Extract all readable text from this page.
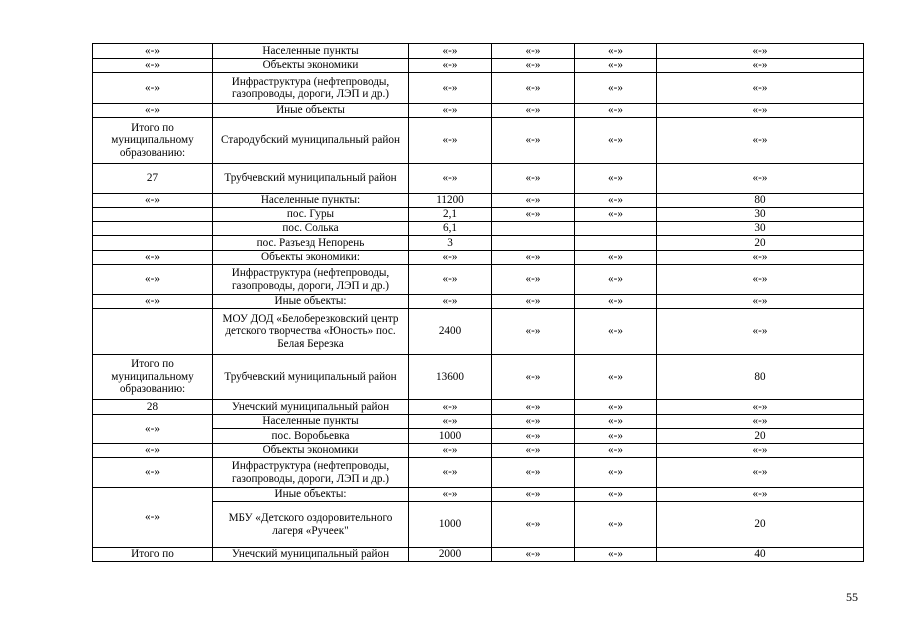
«-»	Населенные пункты	«-»	«-»	«-»	«-»
«-»	Объекты экономики	«-»	«-»	«-»	«-»
«-»	Инфраструктура (нефтепроводы, газопроводы, дороги, ЛЭП и др.)	«-»	«-»	«-»	«-»
«-»	Иные объекты	«-»	«-»	«-»	«-»
Итого по муниципальному образованию:	Стародубский муниципальный район	«-»	«-»	«-»	«-»
27	Трубчевский муниципальный район	«-»	«-»	«-»	«-»
«-»	Населенные пункты:	11200	«-»	«-»	80
	пос. Гуры	2,1	«-»	«-»	30
	пос. Солька	6,1			30
	пос. Разъезд Непорень	3			20
«-»	Объекты экономики:	«-»	«-»	«-»	«-»
«-»	Инфраструктура (нефтепроводы, газопроводы, дороги, ЛЭП и др.)	«-»	«-»	«-»	«-»
«-»	Иные объекты:	«-»	«-»	«-»	«-»
	МОУ ДОД «Белоберезковский центр детского творчества «Юность» пос. Белая Берeзка	2400	«-»	«-»	«-»
Итого по муниципальному образованию:	Трубчевский муниципальный район	13600	«-»	«-»	80
28	Унечский муниципальный район	«-»	«-»	«-»	«-»
«-»	Населенные пункты	«-»	«-»	«-»	«-»
	пос. Воробьевка	1000	«-»	«-»	20
«-»	Объекты экономики	«-»	«-»	«-»	«-»
«-»	Инфраструктура (нефтепроводы, газопроводы, дороги, ЛЭП и др.)	«-»	«-»	«-»	«-»
«-»	Иные объекты:	«-»	«-»	«-»	«-»
	МБУ «Детского оздоровительного лагеря «Ручеек"	1000	«-»	«-»	20
Итого по	Унечский муниципальный район	2000	«-»	«-»	40
55
